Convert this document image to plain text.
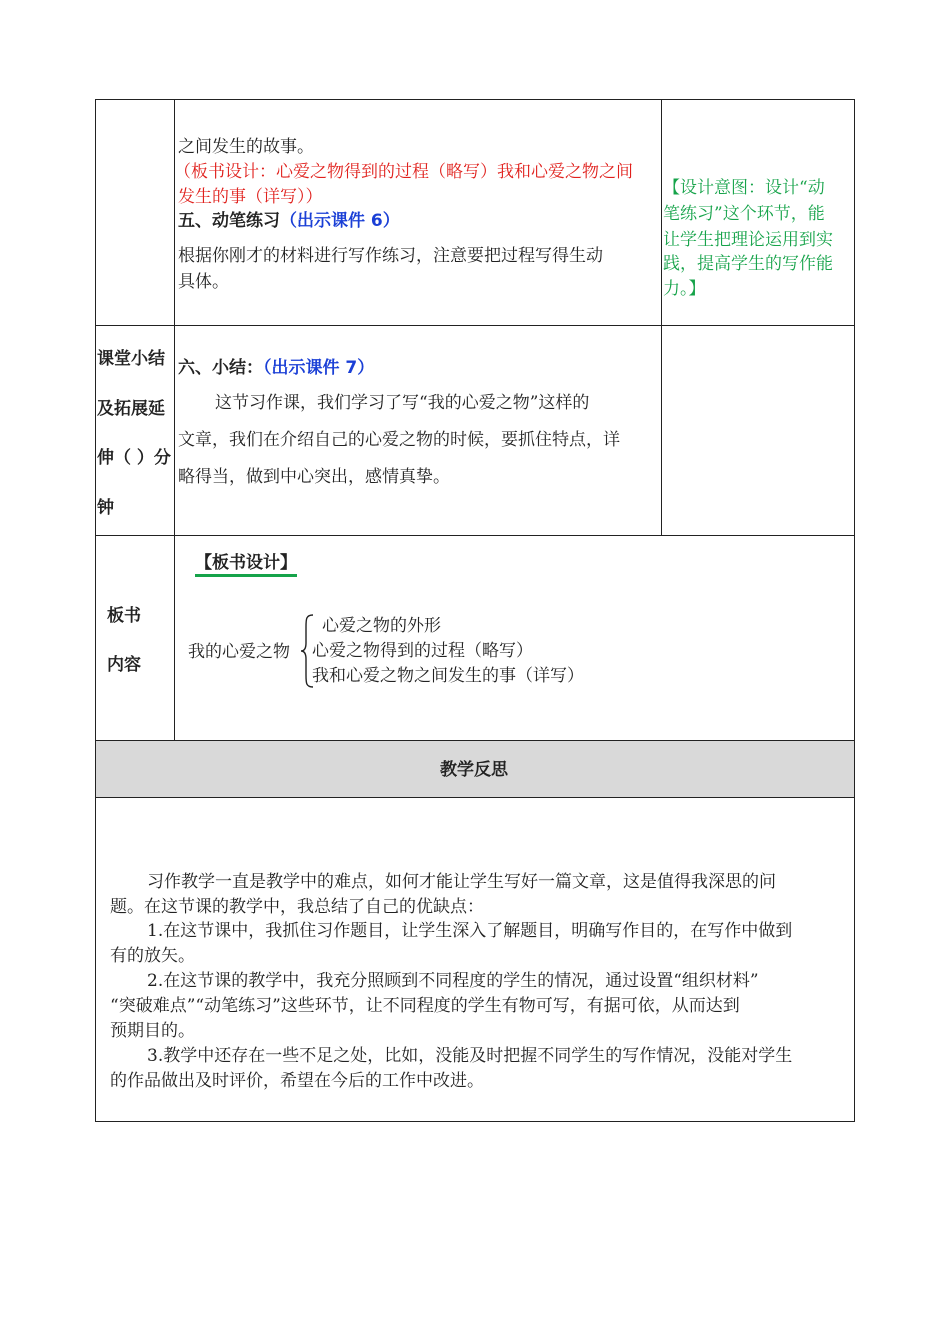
之间发生的故事。
（板书设计：心爱之物得到的过程（略写）我和心爱之物之间
发生的事（详写））
五、动笔练习（出示课件 6）
根据你刚才的材料进行写作练习，注意要把过程写得生动
具体。
【设计意图：设计“动
笔练习”这个环节，能
让学生把理论运用到实
践，提高学生的写作能
力。】
课堂小结
及拓展延
伸（ ）分
钟
六、小结：（出示课件 7）
这节习作课，我们学习了写“我的心爱之物”这样的
文章，我们在介绍自己的心爱之物的时候，要抓住特点，详
略得当，做到中心突出，感情真挚。
板书
内容
【板书设计】
我的心爱之物
心爱之物的外形
心爱之物得到的过程（略写）
我和心爱之物之间发生的事（详写）
教学反思
习作教学一直是教学中的难点，如何才能让学生写好一篇文章，这是值得我深思的问
题。在这节课的教学中，我总结了自己的优缺点：
1.在这节课中，我抓住习作题目，让学生深入了解题目，明确写作目的，在写作中做到
有的放矢。
2.在这节课的教学中，我充分照顾到不同程度的学生的情况，通过设置“组织材料”
“突破难点”“动笔练习”这些环节，让不同程度的学生有物可写，有据可依，从而达到
预期目的。
3.教学中还存在一些不足之处，比如，没能及时把握不同学生的写作情况，没能对学生
的作品做出及时评价，希望在今后的工作中改进。
